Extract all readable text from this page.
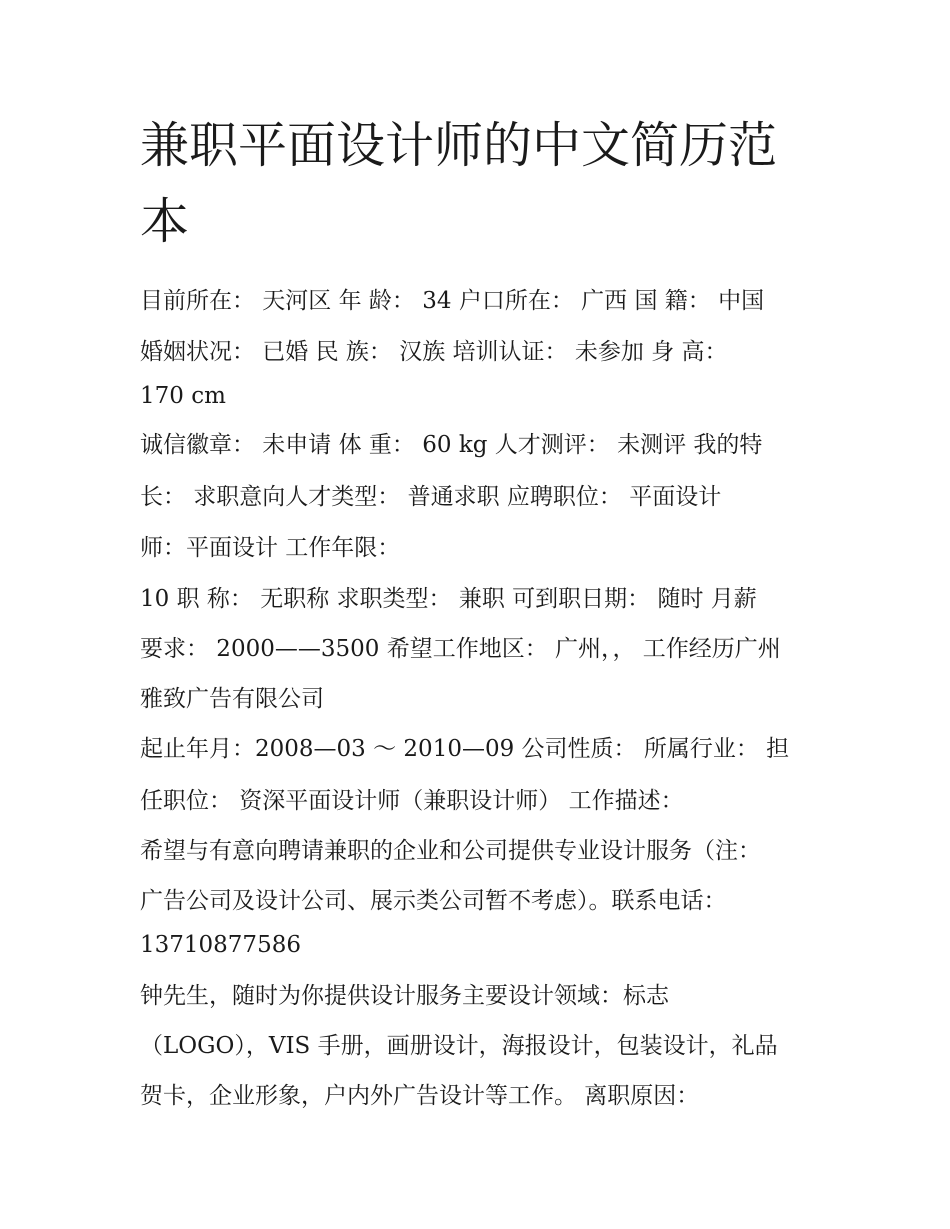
兼职平面设计师的中文简历范
本
目前所在： 天河区 年 龄： 34 户口所在： 广西 国 籍： 中国
婚姻状况： 已婚 民 族： 汉族 培训认证： 未参加 身 高：
170 cm
诚信徽章： 未申请 体 重： 60 kg 人才测评： 未测评 我的特
长： 求职意向人才类型： 普通求职 应聘职位： 平面设计
师：平面设计 工作年限：
10 职 称： 无职称 求职类型： 兼职 可到职日期： 随时 月薪
要求： 2000——3500 希望工作地区： 广州，， 工作经历广州
雅致广告有限公司
起止年月：2008—03 ～ 2010—09 公司性质： 所属行业： 担
任职位： 资深平面设计师（兼职设计师） 工作描述：
希望与有意向聘请兼职的企业和公司提供专业设计服务（注：
广告公司及设计公司、展示类公司暂不考虑）。联系电话：
13710877586
钟先生，随时为你提供设计服务主要设计领域：标志
（LOGO），VIS 手册，画册设计，海报设计，包装设计，礼品
贺卡，企业形象，户内外广告设计等工作。 离职原因：
